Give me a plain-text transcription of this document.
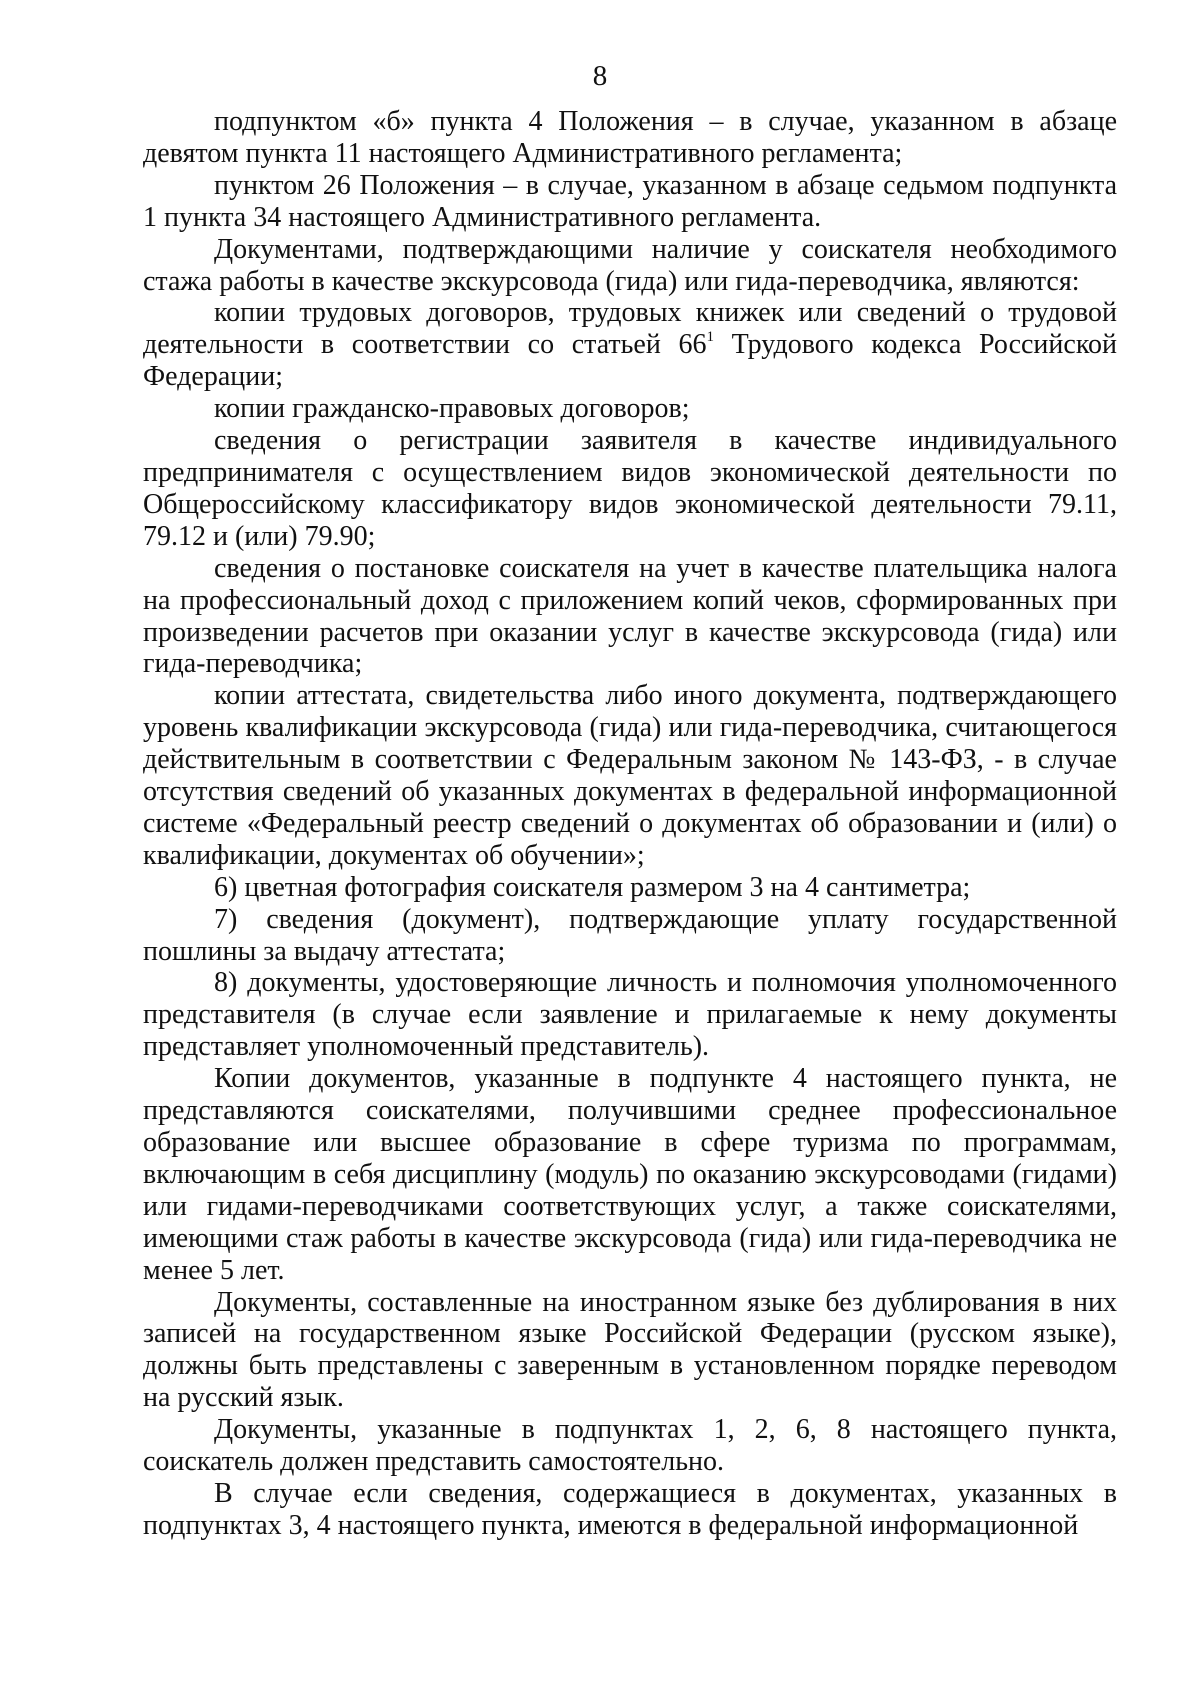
8

подпунктом «б» пункта 4 Положения – в случае, указанном в абзаце девятом пункта 11 настоящего Административного регламента;

пунктом 26 Положения – в случае, указанном в абзаце седьмом подпункта 1 пункта 34 настоящего Административного регламента.

Документами, подтверждающими наличие у соискателя необходимого стажа работы в качестве экскурсовода (гида) или гида-переводчика, являются:

копии трудовых договоров, трудовых книжек или сведений о трудовой деятельности в соответствии со статьей $66^1$ Трудового кодекса Российской Федерации;

копии гражданско-правовых договоров;

сведения о регистрации заявителя в качестве индивидуального предпринимателя с осуществлением видов экономической деятельности по Общероссийскому классификатору видов экономической деятельности 79.11, 79.12 и (или) 79.90;

сведения о постановке соискателя на учет в качестве плательщика налога на профессиональный доход с приложением копий чеков, сформированных при произведении расчетов при оказании услуг в качестве экскурсовода (гида) или гида-переводчика;

копии аттестата, свидетельства либо иного документа, подтверждающего уровень квалификации экскурсовода (гида) или гида-переводчика, считающегося действительным в соответствии с Федеральным законом № 143-ФЗ, - в случае отсутствия сведений об указанных документах в федеральной информационной системе «Федеральный реестр сведений о документах об образовании и (или) о квалификации, документах об обучении»;

6) цветная фотография соискателя размером 3 на 4 сантиметра;

7) сведения (документ), подтверждающие уплату государственной пошлины за выдачу аттестата;

8) документы, удостоверяющие личность и полномочия уполномоченного представителя (в случае если заявление и прилагаемые к нему документы представляет уполномоченный представитель).

Копии документов, указанные в подпункте 4 настоящего пункта, не представляются соискателями, получившими среднее профессиональное образование или высшее образование в сфере туризма по программам, включающим в себя дисциплину (модуль) по оказанию экскурсоводами (гидами) или гидами-переводчиками соответствующих услуг, а также соискателями, имеющими стаж работы в качестве экскурсовода (гида) или гида-переводчика не менее 5 лет.

Документы, составленные на иностранном языке без дублирования в них записей на государственном языке Российской Федерации (русском языке), должны быть представлены с заверенным в установленном порядке переводом на русский язык.

Документы, указанные в подпунктах 1, 2, 6, 8 настоящего пункта, соискатель должен представить самостоятельно.

В случае если сведения, содержащиеся в документах, указанных в подпунктах 3, 4 настоящего пункта, имеются в федеральной информационной
